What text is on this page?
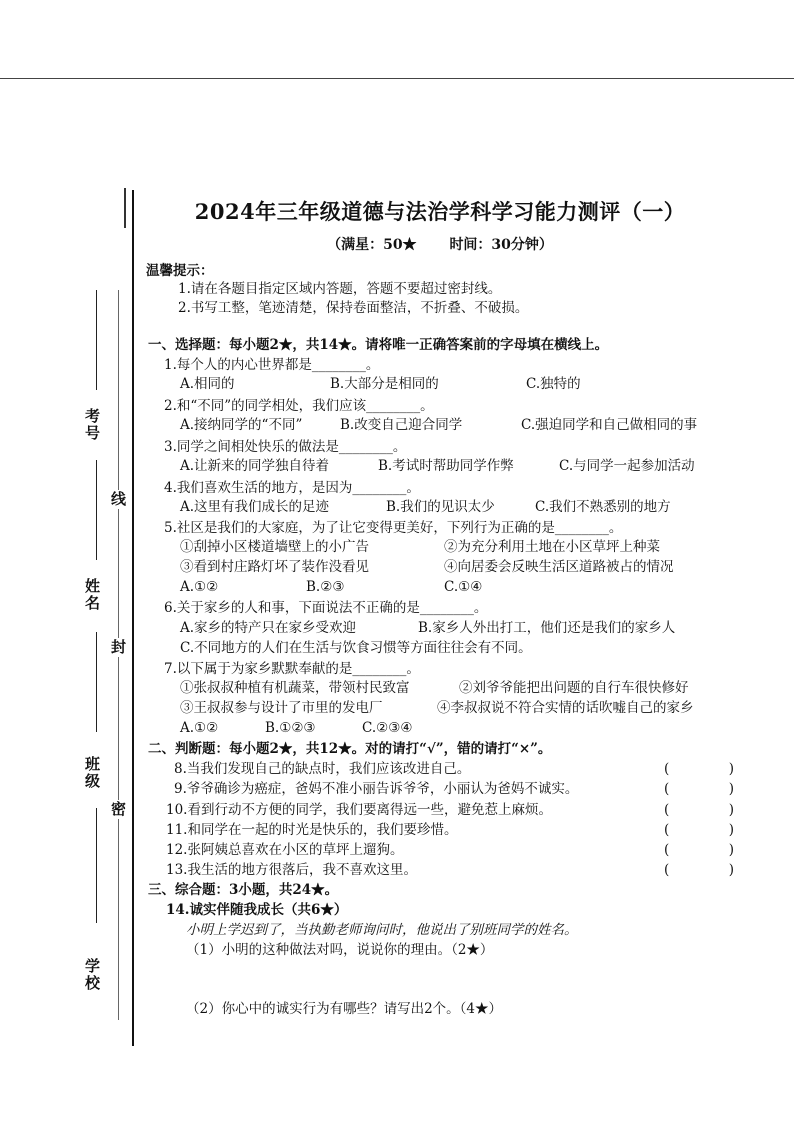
考号
姓名
班级
学校
线
封
密
2024年三年级道德与法治学科学习能力测评（一）
（满星：50★ 时间：30分钟）
温馨提示：
1.请在各题目指定区域内答题，答题不要超过密封线。
2.书写工整，笔迹清楚，保持卷面整洁，不折叠、不破损。
一、选择题：每小题2★，共14★。请将唯一正确答案前的字母填在横线上。
1.每个人的内心世界都是________。
A.相同的	B.大部分是相同的	C.独特的
2.和“不同”的同学相处，我们应该________。
A.接纳同学的“不同”	B.改变自己迎合同学	C.强迫同学和自己做相同的事
3.同学之间相处快乐的做法是________。
A.让新来的同学独自待着	B.考试时帮助同学作弊	C.与同学一起参加活动
4.我们喜欢生活的地方，是因为________。
A.这里有我们成长的足迹	B.我们的见识太少	C.我们不熟悉别的地方
5.社区是我们的大家庭，为了让它变得更美好，下列行为正确的是________。
①刮掉小区楼道墙壁上的小广告	②为充分利用土地在小区草坪上种菜
③看到村庄路灯坏了装作没看见	④向居委会反映生活区道路被占的情况
A.①②	B.②③	C.①④
6.关于家乡的人和事，下面说法不正确的是________。
A.家乡的特产只在家乡受欢迎	B.家乡人外出打工，他们还是我们的家乡人
C.不同地方的人们在生活与饮食习惯等方面往往会有不同。
7.以下属于为家乡默默奉献的是________。
①张叔叔种植有机蔬菜，带领村民致富	②刘爷爷能把出问题的自行车很快修好
③王叔叔参与设计了市里的发电厂	④李叔叔说不符合实情的话吹嘘自己的家乡
A.①②	B.①②③	C.②③④
二、判断题：每小题2★，共12★。对的请打“√”，错的请打“×”。
8.当我们发现自己的缺点时，我们应该改进自己。	(	)
9.爷爷确诊为癌症，爸妈不准小丽告诉爷爷，小丽认为爸妈不诚实。	(	)
10.看到行动不方便的同学，我们要离得远一些，避免惹上麻烦。	(	)
11.和同学在一起的时光是快乐的，我们要珍惜。	(	)
12.张阿姨总喜欢在小区的草坪上遛狗。	(	)
13.我生活的地方很落后，我不喜欢这里。	(	)
三、综合题：3小题，共24★。
14.诚实伴随我成长（共6★）
小明上学迟到了，当执勤老师询问时，他说出了别班同学的姓名。
（1）小明的这种做法对吗，说说你的理由。（2★）
（2）你心中的诚实行为有哪些？请写出2个。（4★）
